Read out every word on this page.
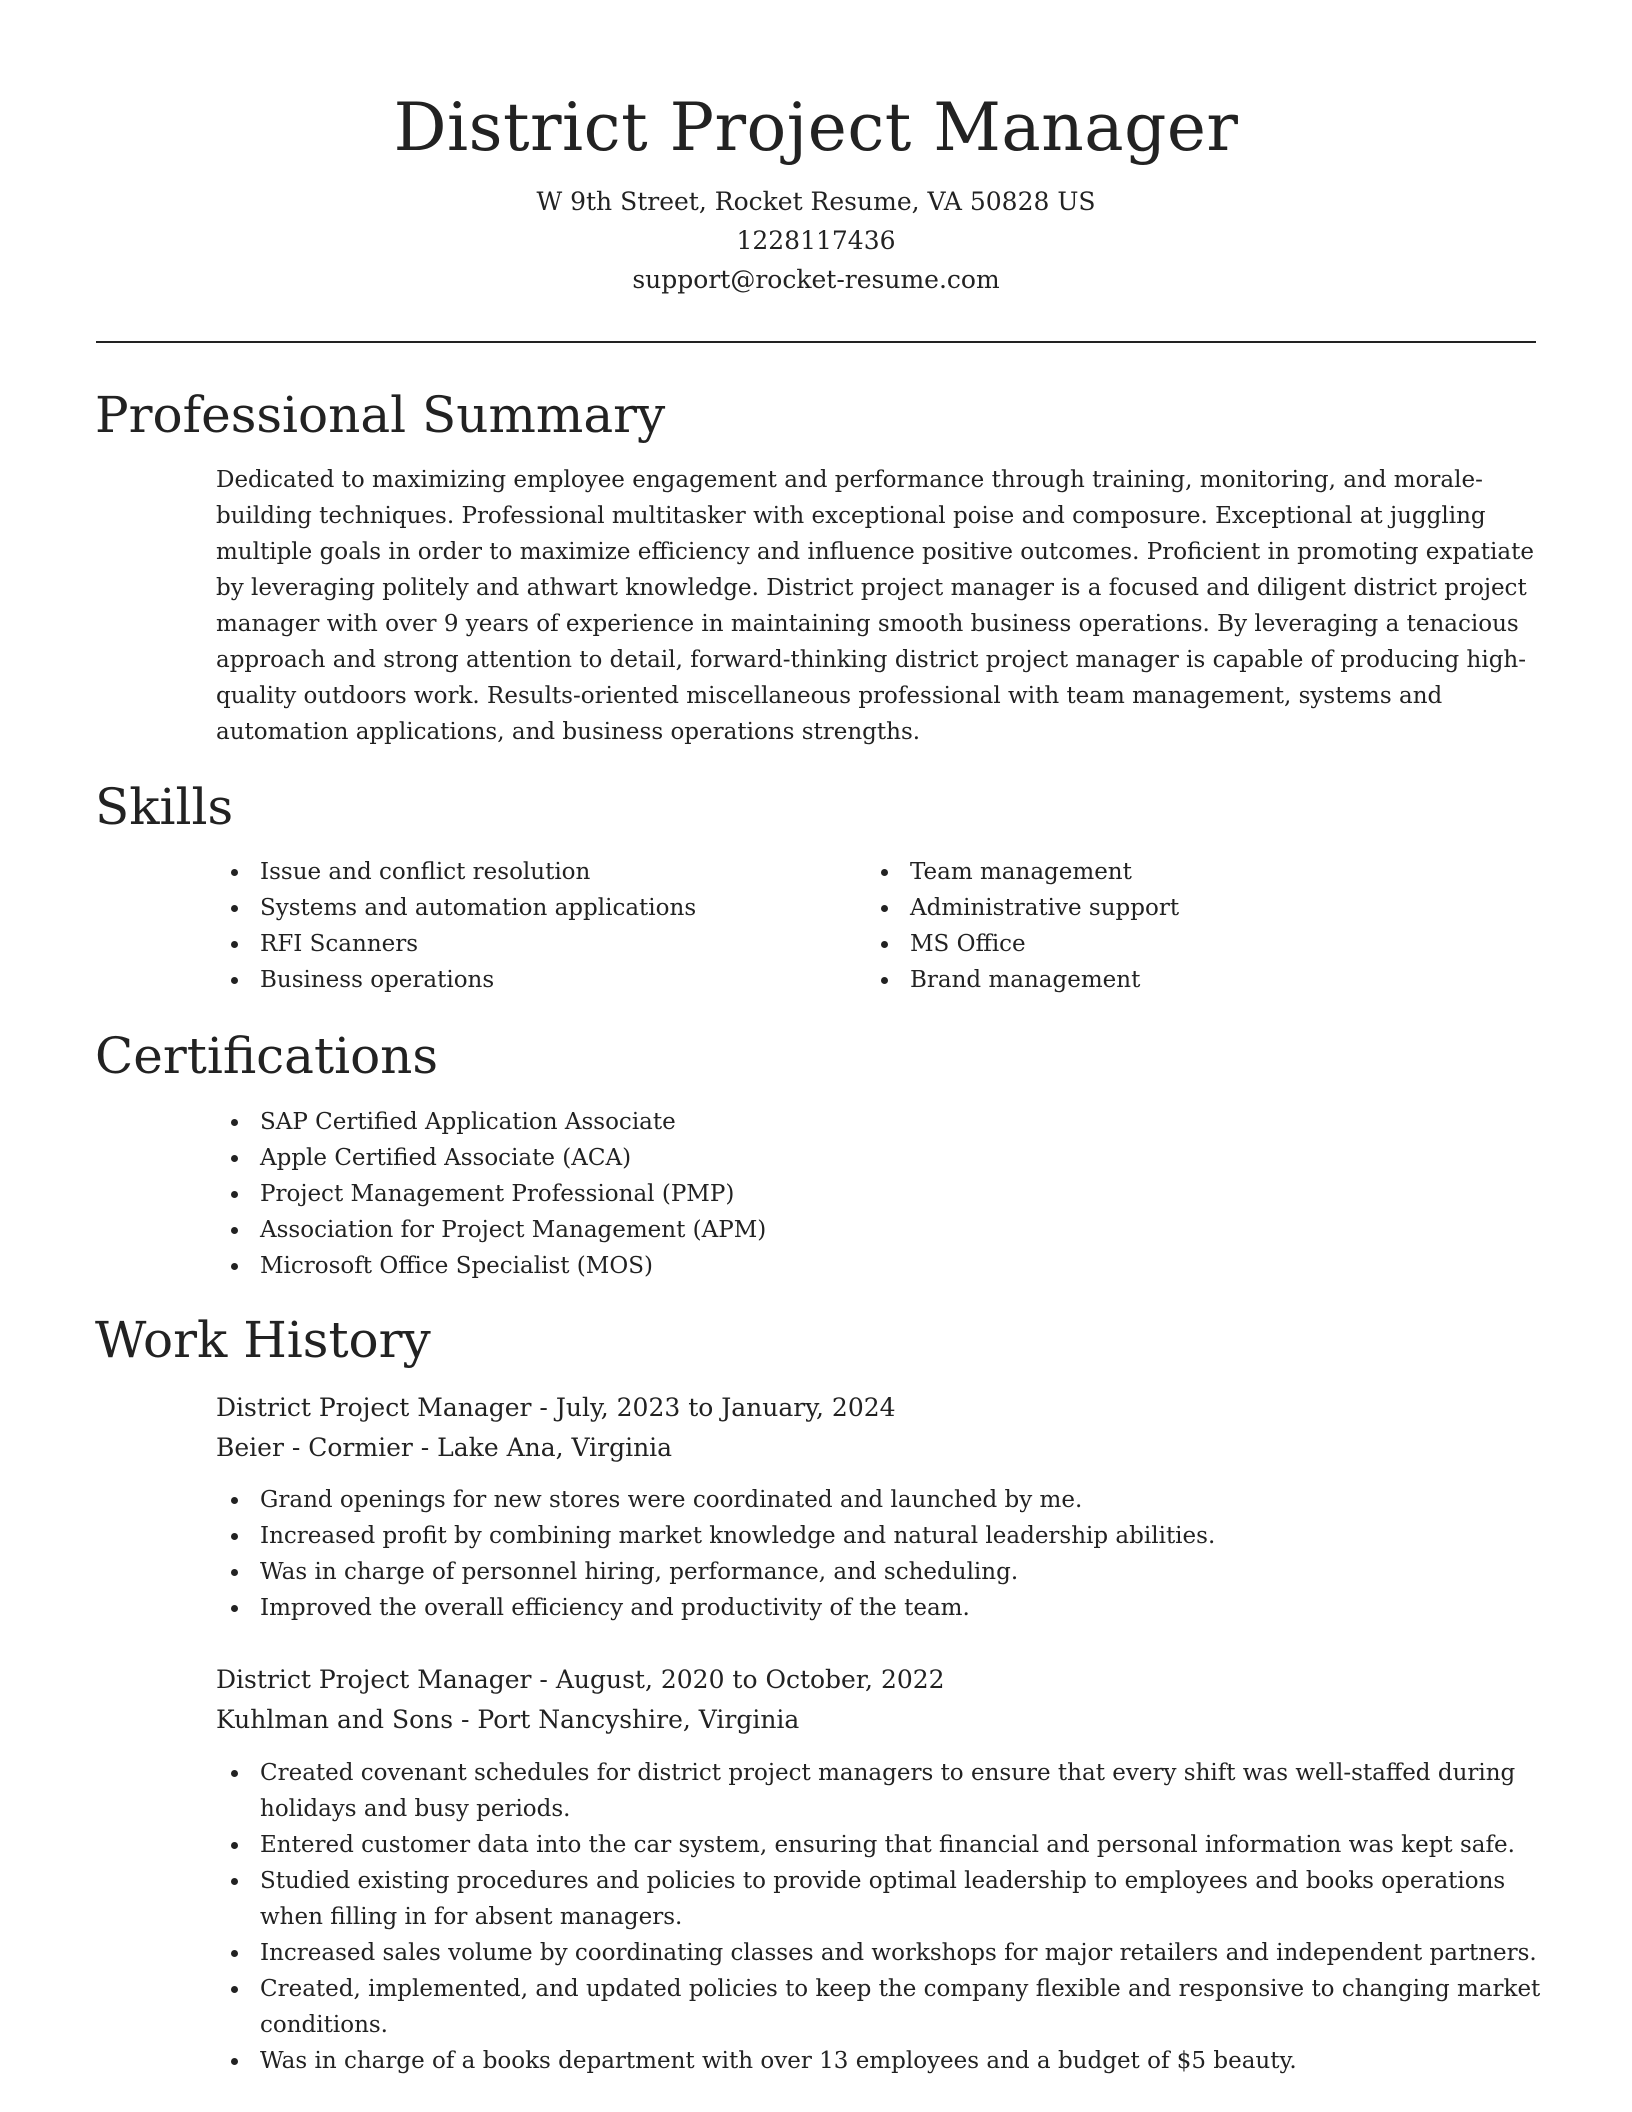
District Project Manager
W 9th Street, Rocket Resume, VA 50828 US
1228117436
support@rocket-resume.com
Professional Summary

Dedicated to maximizing employee engagement and performance through training, monitoring, and morale-building techniques. Professional multitasker with exceptional poise and composure. Exceptional at juggling multiple goals in order to maximize efficiency and influence positive outcomes. Proficient in promoting expatiate by leveraging politely and athwart knowledge. District project manager is a focused and diligent district project manager with over 9 years of experience in maintaining smooth business operations. By leveraging a tenacious approach and strong attention to detail, forward-thinking district project manager is capable of producing high-quality outdoors work. Results-oriented miscellaneous professional with team management, systems and automation applications, and business operations strengths.

Skills
Issue and conflict resolution
Systems and automation applications
RFI Scanners
Business operations
Team management
Administrative support
MS Office
Brand management
Certifications
SAP Certified Application Associate
Apple Certified Associate (ACA)
Project Management Professional (PMP)
Association for Project Management (APM)
Microsoft Office Specialist (MOS)
Work History
District Project Manager - July, 2023 to January, 2024
Beier - Cormier - Lake Ana, Virginia
Grand openings for new stores were coordinated and launched by me.
Increased profit by combining market knowledge and natural leadership abilities.
Was in charge of personnel hiring, performance, and scheduling.
Improved the overall efficiency and productivity of the team.
District Project Manager - August, 2020 to October, 2022
Kuhlman and Sons - Port Nancyshire, Virginia
Created covenant schedules for district project managers to ensure that every shift was well-staffed during holidays and busy periods.
Entered customer data into the car system, ensuring that financial and personal information was kept safe.
Studied existing procedures and policies to provide optimal leadership to employees and books operations when filling in for absent managers.
Increased sales volume by coordinating classes and workshops for major retailers and independent partners.
Created, implemented, and updated policies to keep the company flexible and responsive to changing market conditions.
Was in charge of a books department with over 13 employees and a budget of $5 beauty.
